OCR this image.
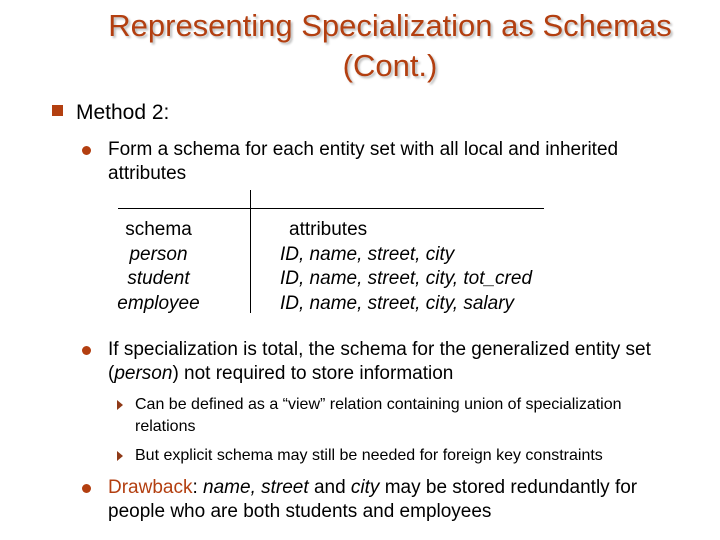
Representing Specialization as Schemas
(Cont.)
Method 2:
Form a schema for each entity set with all local and inherited
attributes
schema
person
student
employee
attributes
ID, name, street, city
ID, name, street, city, tot_cred
ID, name, street, city, salary
If specialization is total, the schema for the generalized entity set
(person) not required to store information
Can be defined as a “view” relation containing union of specialization
relations
But explicit schema may still be needed for foreign key constraints
Drawback: name, street and city may be stored redundantly for
people who are both students and employees
